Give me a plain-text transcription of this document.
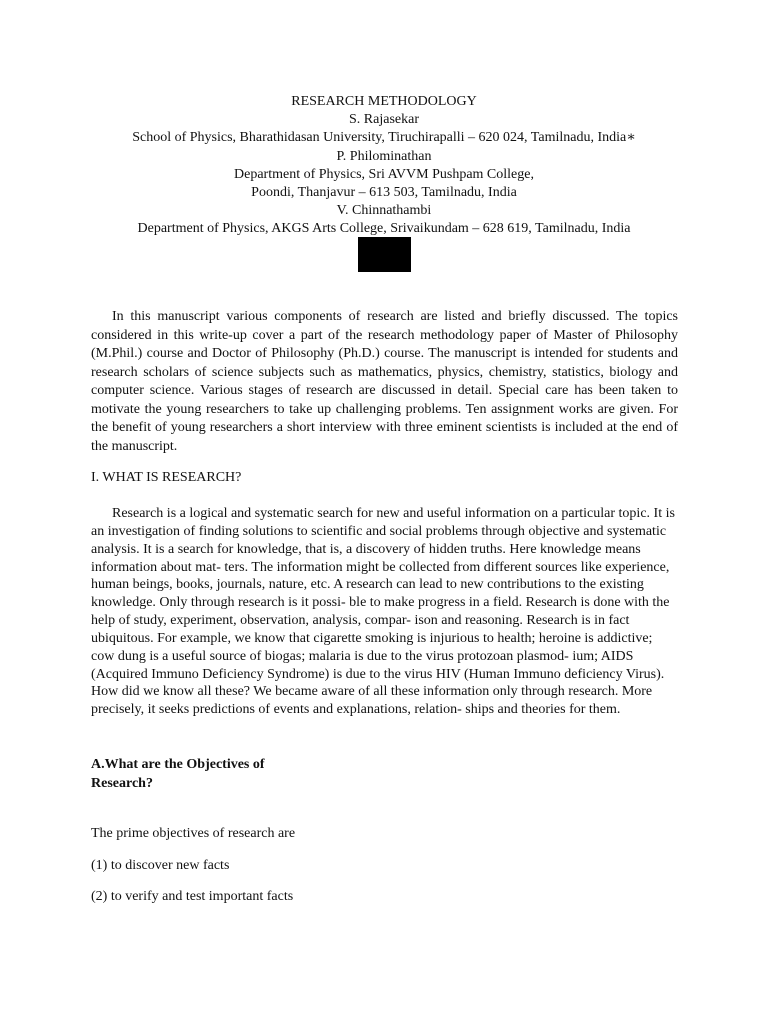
RESEARCH METHODOLOGY
S. Rajasekar
School of Physics, Bharathidasan University, Tiruchirapalli – 620 024, Tamilnadu, India∗
P. Philominathan
Department of Physics, Sri AVVM Pushpam College,
Poondi, Thanjavur – 613 503, Tamilnadu, India
V. Chinnathambi
Department of Physics, AKGS Arts College, Srivaikundam – 628 619, Tamilnadu, India

In this manuscript various components of research are listed and briefly discussed. The topics considered in this write-up cover a part of the research methodology paper of Master of Philosophy (M.Phil.) course and Doctor of Philosophy (Ph.D.) course. The manuscript is intended for students and research scholars of science subjects such as mathematics, physics, chemistry, statistics, biology and computer science. Various stages of research are discussed in detail. Special care has been taken to motivate the young researchers to take up challenging problems. Ten assignment works are given. For the benefit of young researchers a short interview with three eminent scientists is included at the end of the manuscript.

I. WHAT IS RESEARCH?

Research is a logical and systematic search for new and useful information on a particular topic. It is an investigation of finding solutions to scientific and social problems through objective and systematic analysis. It is a search for knowledge, that is, a discovery of hidden truths. Here knowledge means information about mat- ters. The information might be collected from different sources like experience, human beings, books, journals, nature, etc. A research can lead to new contributions to the existing knowledge. Only through research is it possi- ble to make progress in a field. Research is done with the help of study, experiment, observation, analysis, compar- ison and reasoning. Research is in fact ubiquitous. For example, we know that cigarette smoking is injurious to health; heroine is addictive; cow dung is a useful source of biogas; malaria is due to the virus protozoan plasmod- ium; AIDS (Acquired Immuno Deficiency Syndrome) is due to the virus HIV (Human Immuno deficiency Virus). How did we know all these? We became aware of all these information only through research. More precisely, it seeks predictions of events and explanations, relation- ships and theories for them.

A.What are the Objectives of
Research?

The prime objectives of research are

(1) to discover new facts

(2) to verify and test important facts
